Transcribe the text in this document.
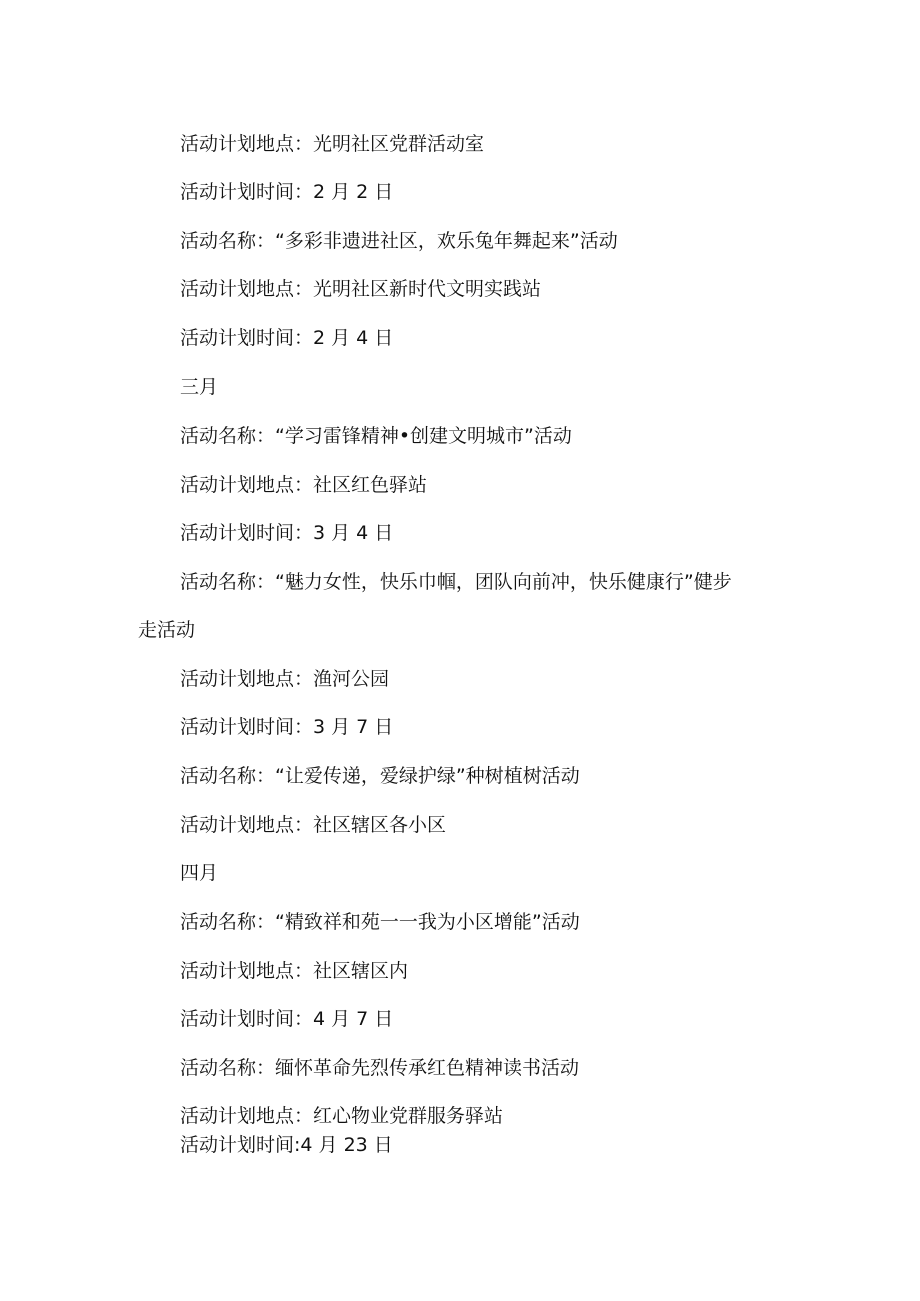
活动计划地点：光明社区党群活动室
活动计划时间：2 月 2 日
活动名称：“多彩非遗进社区，欢乐兔年舞起来”活动
活动计划地点：光明社区新时代文明实践站
活动计划时间：2 月 4 日
三月
活动名称：“学习雷锋精神•创建文明城市”活动
活动计划地点：社区红色驿站
活动计划时间：3 月 4 日
活动名称：“魅力女性，快乐巾帼，团队向前冲，快乐健康行”健步
走活动
活动计划地点：渔河公园
活动计划时间：3 月 7 日
活动名称：“让爱传递，爱绿护绿”种树植树活动
活动计划地点：社区辖区各小区
四月
活动名称：“精致祥和苑一一我为小区增能”活动
活动计划地点：社区辖区内
活动计划时间：4 月 7 日
活动名称：缅怀革命先烈传承红色精神读书活动
活动计划地点：红心物业党群服务驿站
活动计划时间:4 月 23 日
